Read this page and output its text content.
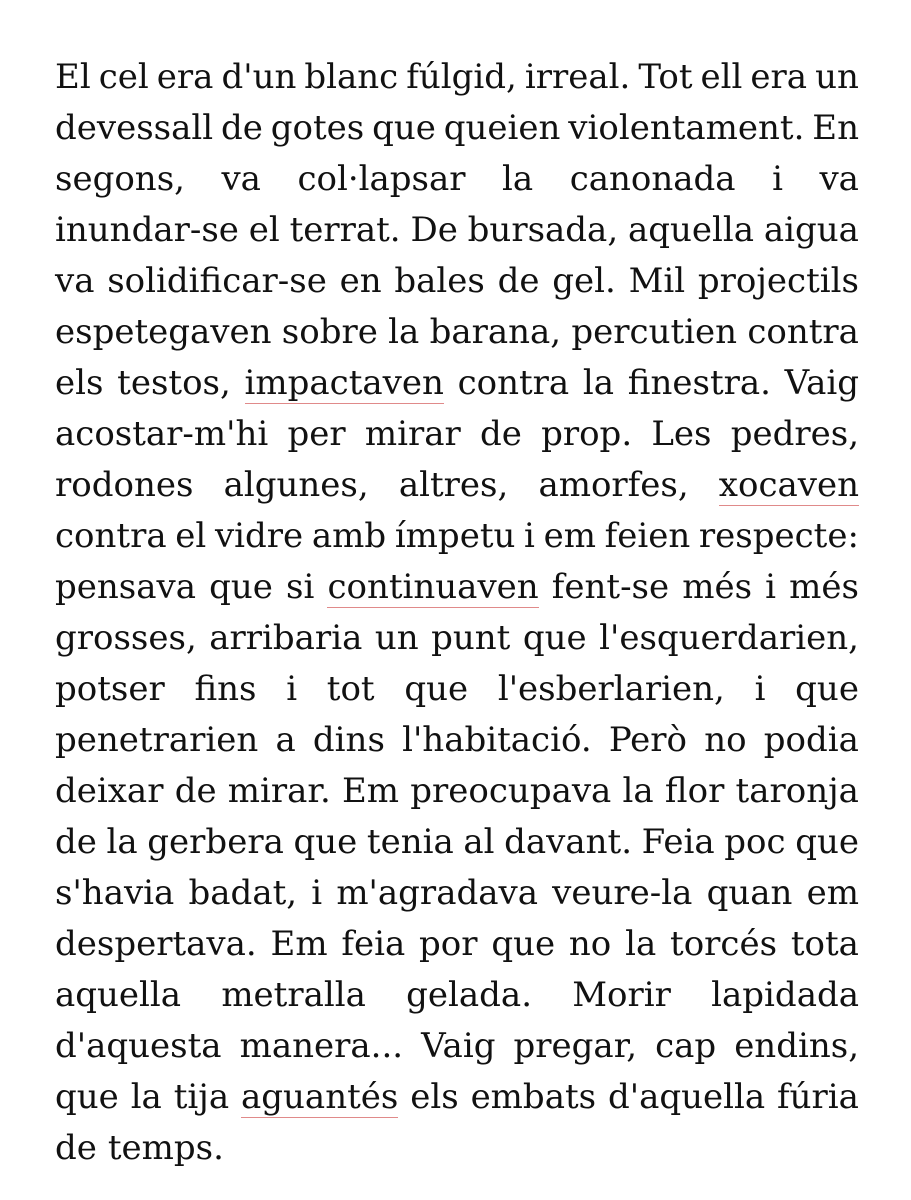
El cel era d'un blanc fúlgid, irreal. Tot ell era un
devessall de gotes que queien violentament. En
segons, va col·lapsar la canonada i va
inundar-se el terrat. De bursada, aquella aigua
va solidificar-se en bales de gel. Mil projectils
espetegaven sobre la barana, percutien contra
els testos, impactaven contra la finestra. Vaig
acostar-m'hi per mirar de prop. Les pedres,
rodones algunes, altres, amorfes, xocaven
contra el vidre amb ímpetu i em feien respecte:
pensava que si continuaven fent-se més i més
grosses, arribaria un punt que l'esquerdarien,
potser fins i tot que l'esberlarien, i que
penetrarien a dins l'habitació. Però no podia
deixar de mirar. Em preocupava la flor taronja
de la gerbera que tenia al davant. Feia poc que
s'havia badat, i m'agradava veure-la quan em
despertava. Em feia por que no la torcés tota
aquella metralla gelada. Morir lapidada
d'aquesta manera... Vaig pregar, cap endins,
que la tija aguantés els embats d'aquella fúria
de temps.
